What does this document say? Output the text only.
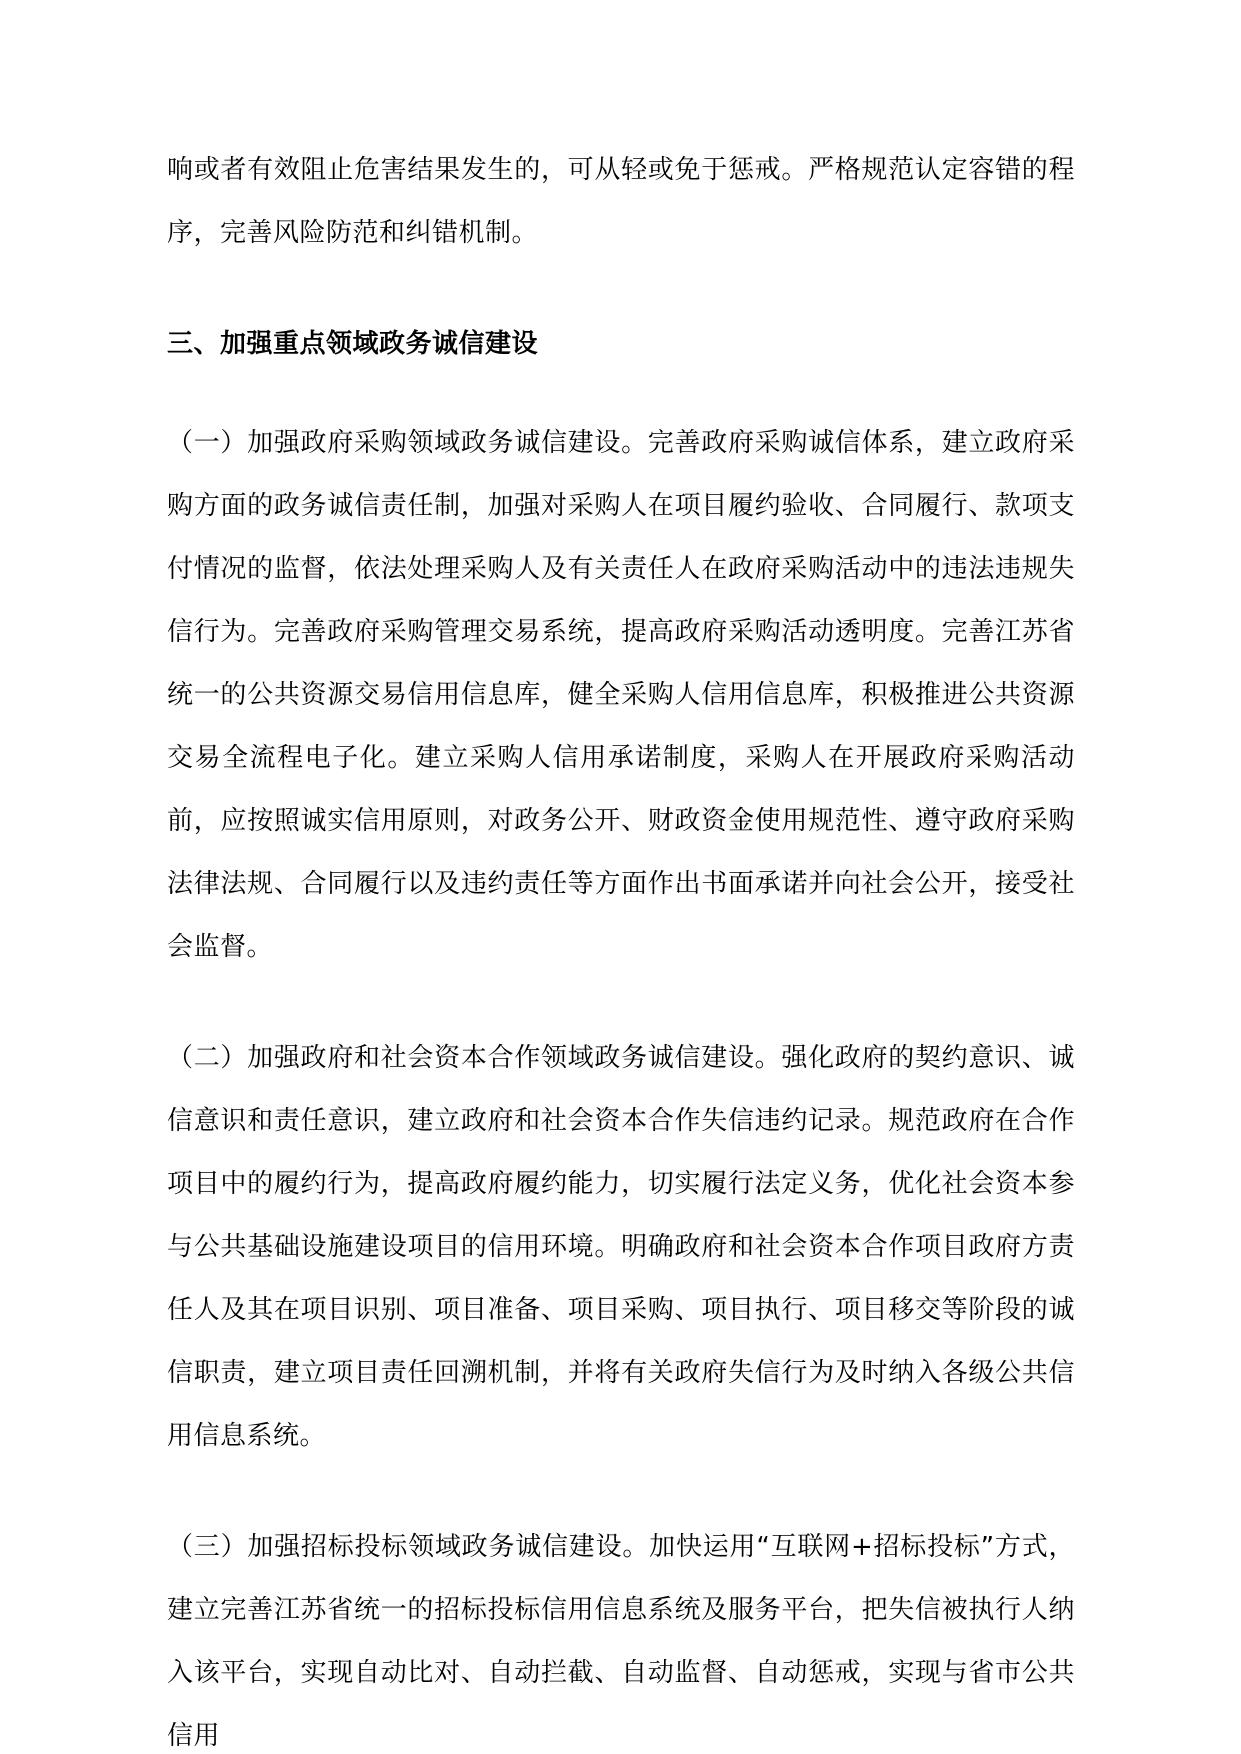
响或者有效阻止危害结果发生的，可从轻或免于惩戒。严格规范认定容错的程序，完善风险防范和纠错机制。

三、加强重点领域政务诚信建设

（一）加强政府采购领域政务诚信建设。完善政府采购诚信体系，建立政府采购方面的政务诚信责任制，加强对采购人在项目履约验收、合同履行、款项支付情况的监督，依法处理采购人及有关责任人在政府采购活动中的违法违规失信行为。完善政府采购管理交易系统，提高政府采购活动透明度。完善江苏省统一的公共资源交易信用信息库，健全采购人信用信息库，积极推进公共资源交易全流程电子化。建立采购人信用承诺制度，采购人在开展政府采购活动前，应按照诚实信用原则，对政务公开、财政资金使用规范性、遵守政府采购法律法规、合同履行以及违约责任等方面作出书面承诺并向社会公开，接受社会监督。

（二）加强政府和社会资本合作领域政务诚信建设。强化政府的契约意识、诚信意识和责任意识，建立政府和社会资本合作失信违约记录。规范政府在合作项目中的履约行为，提高政府履约能力，切实履行法定义务，优化社会资本参与公共基础设施建设项目的信用环境。明确政府和社会资本合作项目政府方责任人及其在项目识别、项目准备、项目采购、项目执行、项目移交等阶段的诚信职责，建立项目责任回溯机制，并将有关政府失信行为及时纳入各级公共信用信息系统。

（三）加强招标投标领域政务诚信建设。加快运用“互联网+招标投标”方式，建立完善江苏省统一的招标投标信用信息系统及服务平台，把失信被执行人纳入该平台，实现自动比对、自动拦截、自动监督、自动惩戒，实现与省市公共信用
